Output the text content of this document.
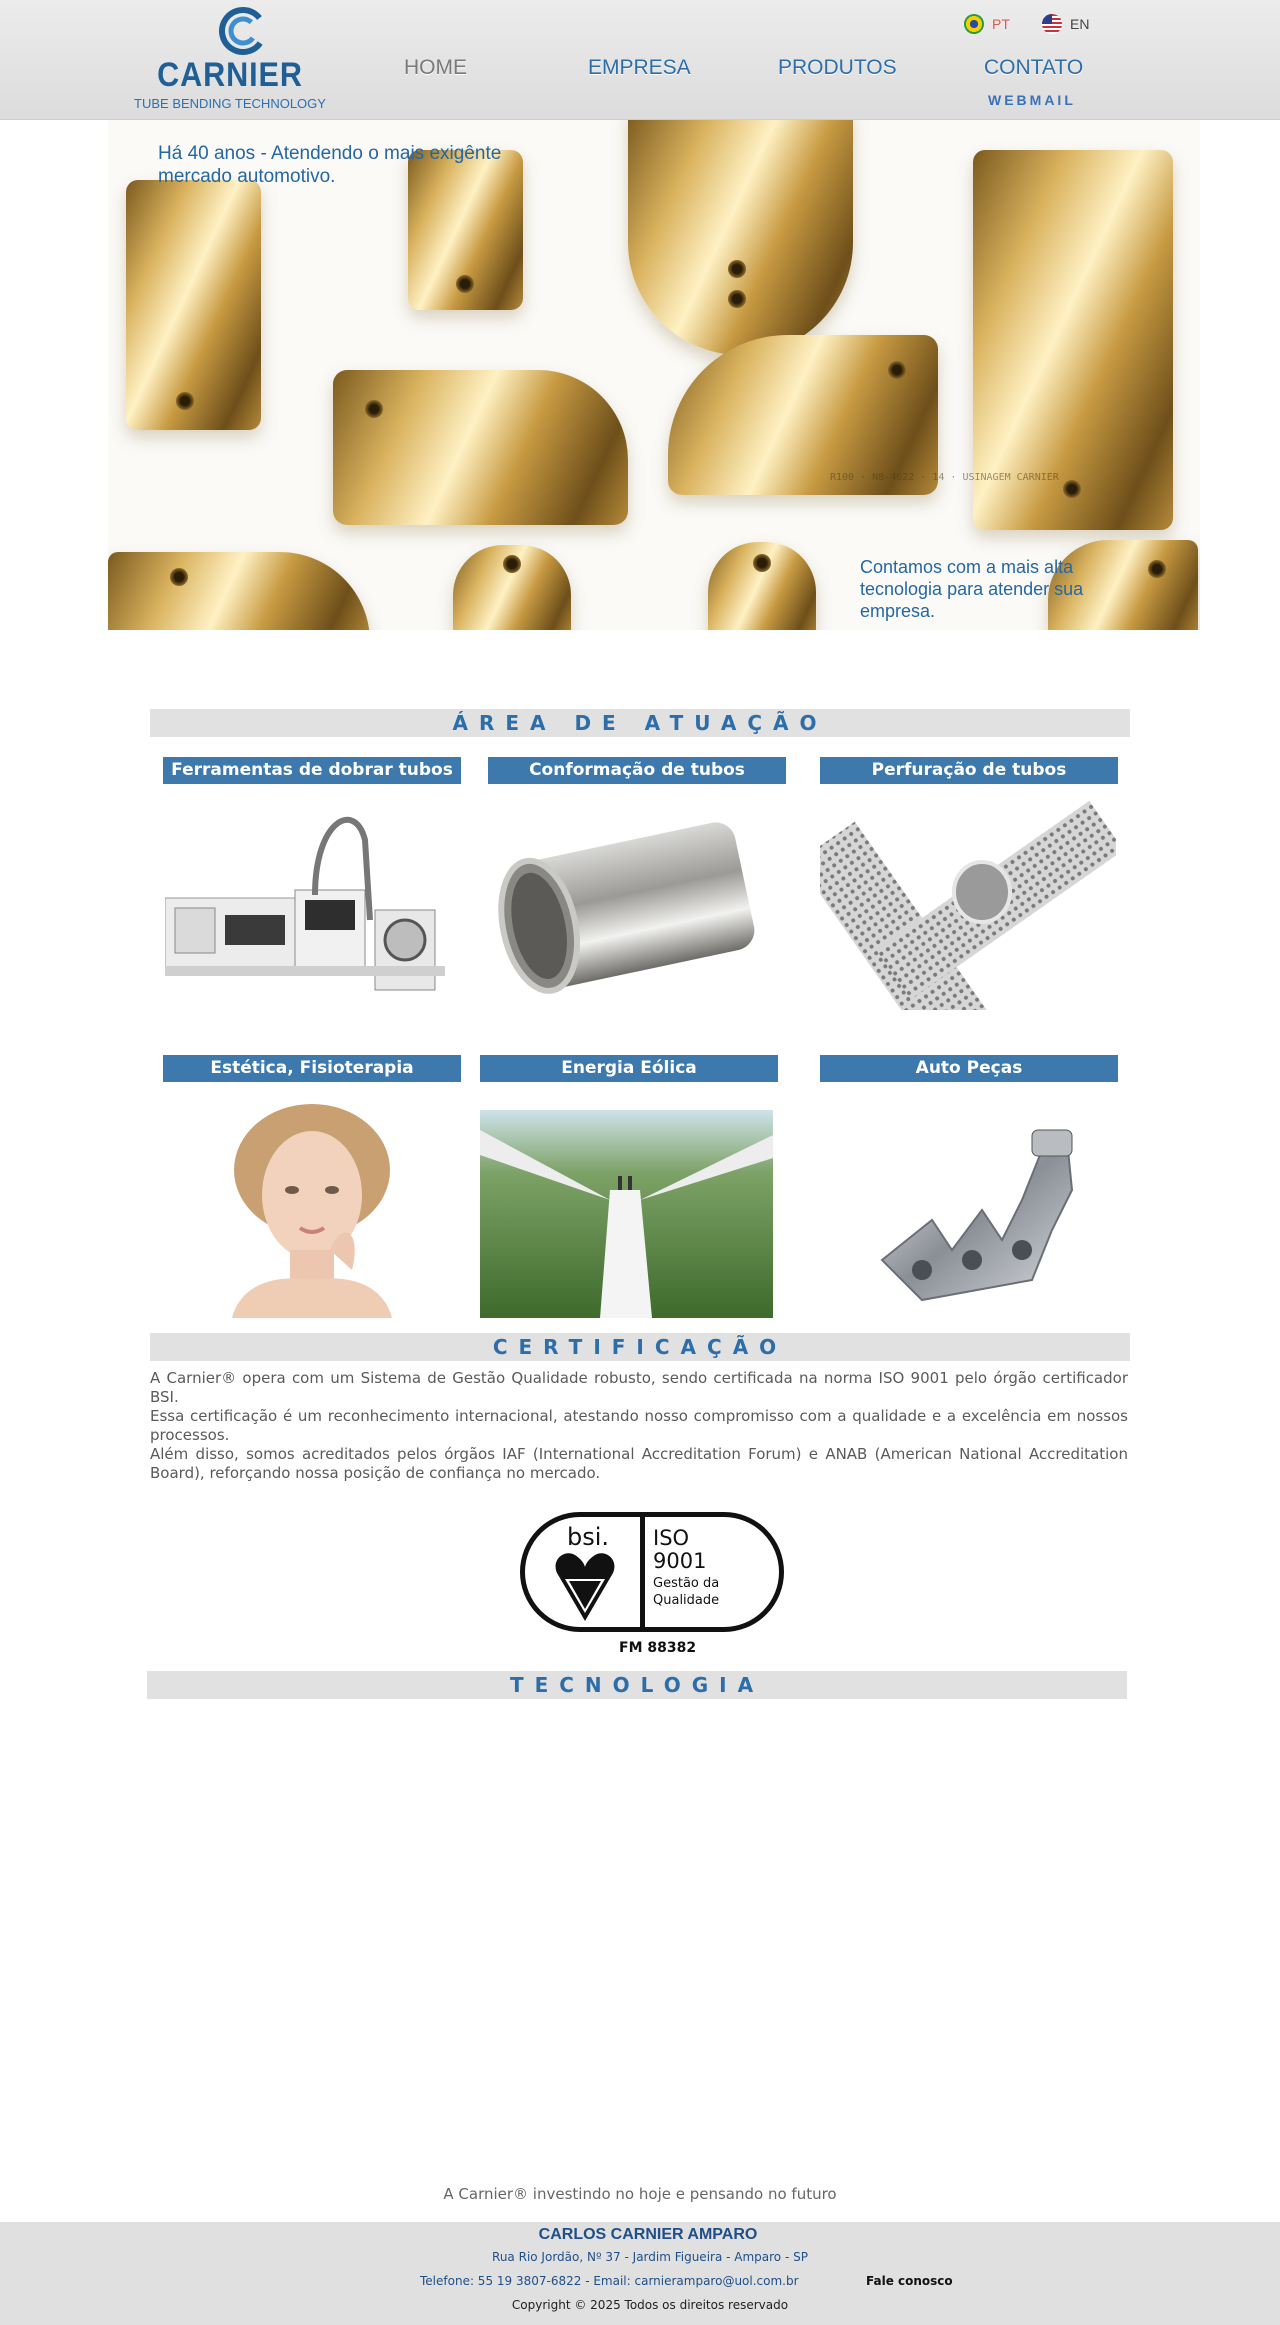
CARNIER
TUBE BENDING TECHNOLOGY
PT	EN
HOME	EMPRESA	PRODUTOS	CONTATO
WEBMAIL
R100 · N8-4622 · 14 · USINAGEM CARNIER

Há 40 anos - Atendendo o mais exigênte mercado automotivo.

Contamos com a mais alta tecnologia para atender sua empresa.

ÁREA DE ATUAÇÃO
Ferramentas de dobrar tubos	Conformação de tubos	Perfuração de tubos
Estética, Fisioterapia	Energia Eólica	Auto Peças
CERTIFICAÇÃO

A Carnier® opera com um Sistema de Gestão Qualidade robusto, sendo certificada na norma ISO 9001 pelo órgão certificador BSI.

Essa certificação é um reconhecimento internacional, atestando nosso compromisso com a qualidade e a excelência em nossos processos.

Além disso, somos acreditados pelos órgãos IAF (International Accreditation Forum) e ANAB (American National Accreditation Board), reforçando nossa posição de confiança no mercado.

bsi. ISO
9001
Gestão da
Qualidade
FM 88382
TECNOLOGIA

A Carnier® investindo no hoje e pensando no futuro

CARLOS CARNIER AMPARO
Rua Rio Jordão, Nº 37 - Jardim Figueira - Amparo - SP
Telefone: 55 19 3807-6822 - Email: carnieramparo@uol.com.br	Fale conosco
Copyright © 2025 Todos os direitos reservado
